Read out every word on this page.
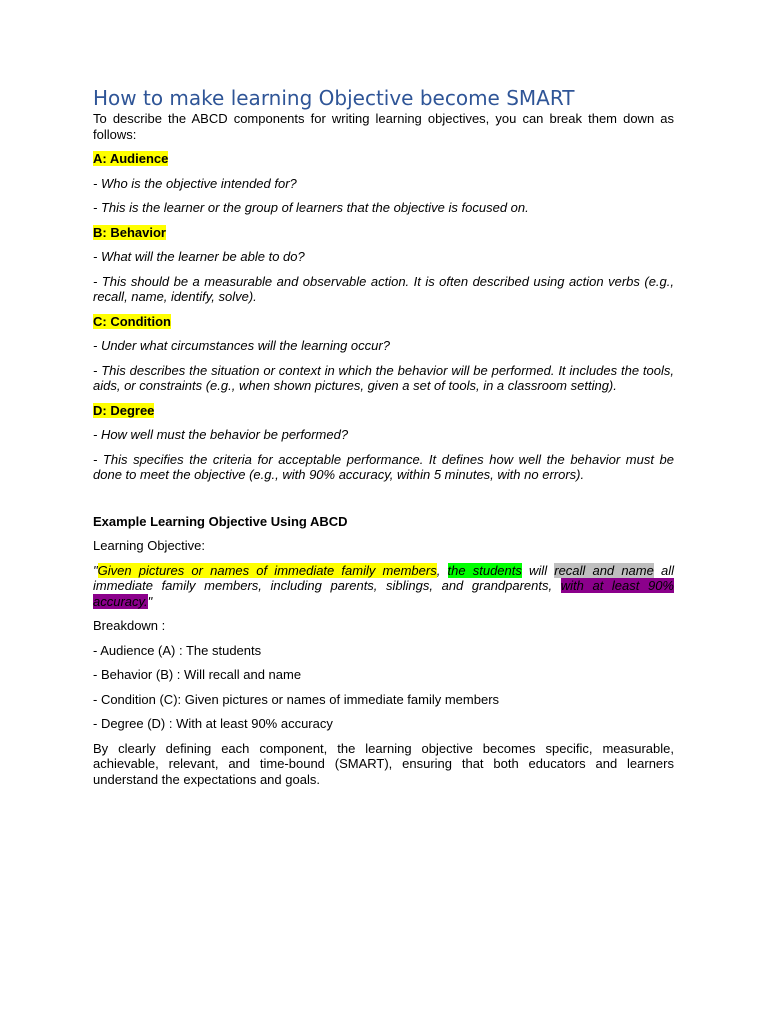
How to make learning Objective become SMART

To describe the ABCD components for writing learning objectives, you can break them down as follows:

A: Audience

- Who is the objective intended for?

- This is the learner or the group of learners that the objective is focused on.

B: Behavior

- What will the learner be able to do?

- This should be a measurable and observable action. It is often described using action verbs (e.g., recall, name, identify, solve).

C: Condition

- Under what circumstances will the learning occur?

- This describes the situation or context in which the behavior will be performed. It includes the tools, aids, or constraints (e.g., when shown pictures, given a set of tools, in a classroom setting).

D: Degree

- How well must the behavior be performed?

- This specifies the criteria for acceptable performance. It defines how well the behavior must be done to meet the objective (e.g., with 90% accuracy, within 5 minutes, with no errors).

Example Learning Objective Using ABCD

Learning Objective:

"Given pictures or names of immediate family members, the students will recall and name all immediate family members, including parents, siblings, and grandparents, with at least 90% accuracy."

Breakdown :

- Audience (A) : The students

- Behavior (B) : Will recall and name

- Condition (C): Given pictures or names of immediate family members

- Degree (D) : With at least 90% accuracy

By clearly defining each component, the learning objective becomes specific, measurable, achievable, relevant, and time-bound (SMART), ensuring that both educators and learners understand the expectations and goals.
